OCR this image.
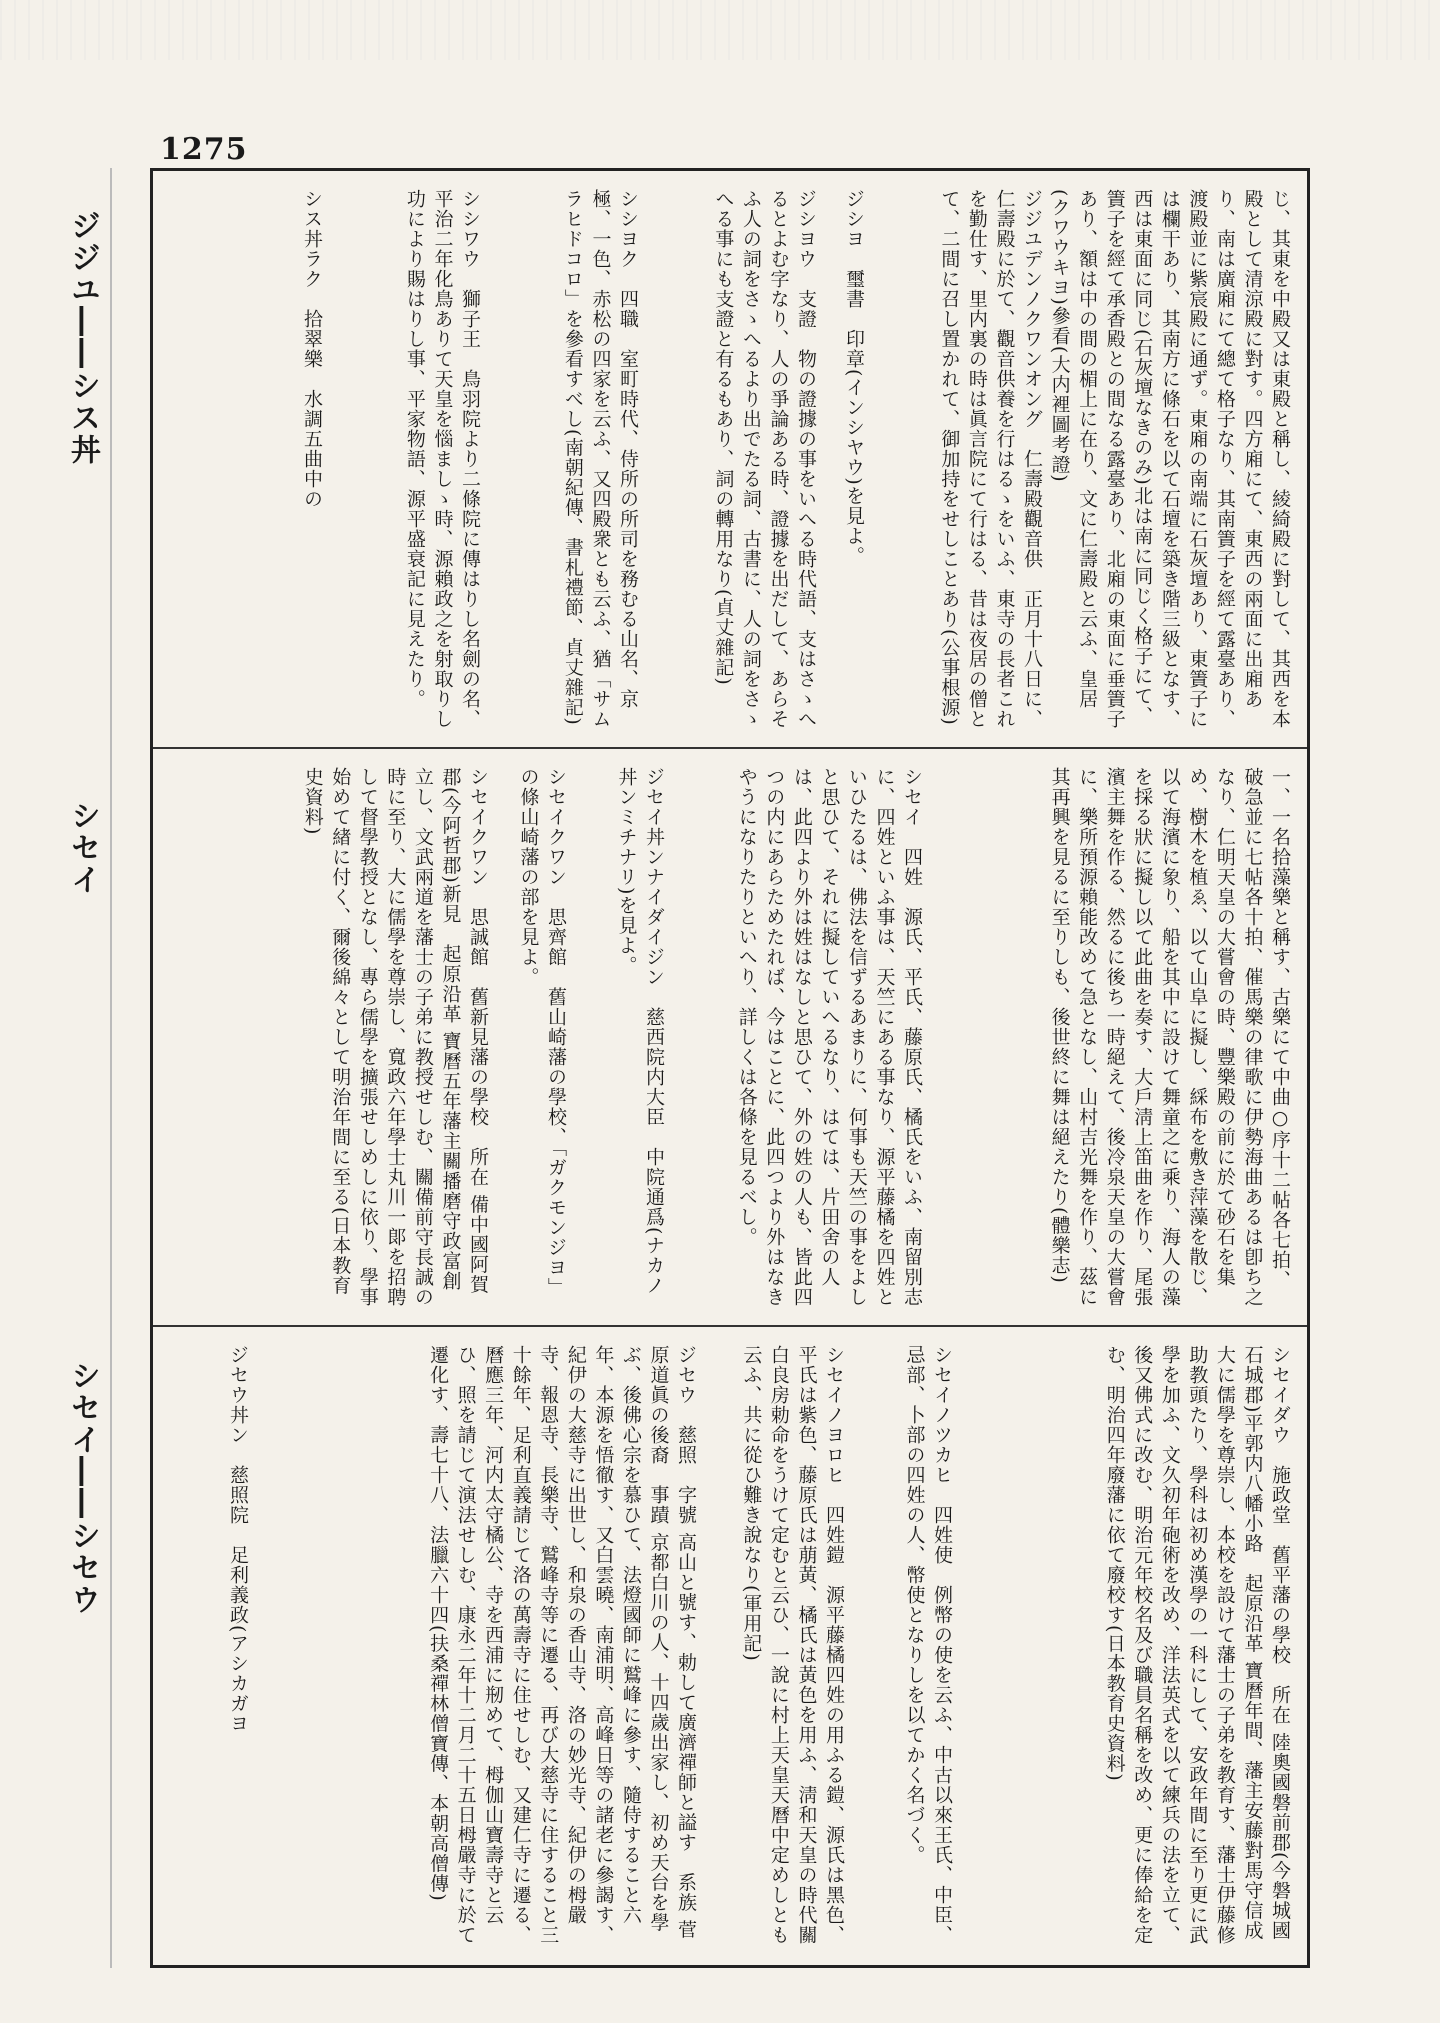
1275
ジジユ――シス丼
シセイ
シセイ――シセウ
じ、其東を中殿又は東殿と稱し、綾綺殿に對して、其西を本殿として清涼殿に對す。四方廂にて、東西の兩面に出廂あり、南は廣廂にて總て格子なり、其南簀子を經て露臺あり、渡殿並に紫宸殿に通ず。東廂の南端に石灰壇あり、東簀子には欄干あり、其南方に條石を以て石壇を築き階三級となす、西は東面に同じ(石灰壇なきのみ)北は南に同じく格子にて、簀子を經て承香殿との間なる露臺あり、北廂の東面に垂簀子あり、額は中の間の楣上に在り、文に仁壽殿と云ふ、皇居(クワウキヨ)參看(大内裡圖考證)
ジジユデンノクワンオング　仁壽殿觀音供　正月十八日に、仁壽殿に於て、觀音供養を行はるゝをいふ、東寺の長者これを勤仕す、里内裏の時は眞言院にて行はる、昔は夜居の僧とて、二間に召し置かれて、御加持をせしことあり(公事根源)
ジシヨ　璽書　印章(インシヤウ)を見よ。
ジシヨウ　支證　物の證據の事をいへる時代語、支はさゝへるとよむ字なり、人の爭論ある時、證據を出だして、あらそふ人の詞をさゝへるより出でたる詞、古書に、人の詞をさゝへる事にも支證と有るもあり、詞の轉用なり(貞丈雜記)
シシヨク　四職　室町時代、侍所の所司を務むる山名、京極、一色、赤松の四家を云ふ、又四殿衆とも云ふ、猶「サムラヒドコロ」を參看すべし(南朝紀傳、書札禮節、貞丈雜記)
シシワウ　獅子王　鳥羽院より二條院に傳はりし名劍の名、平治二年化鳥ありて天皇を惱ましゝ時、源賴政之を射取りし功により賜はりし事、平家物語、源平盛衰記に見えたり。
シス丼ラク　拾翠樂　水調五曲中の
一、一名拾藻樂と稱す、古樂にて中曲○序十二帖各七拍、破急並に七帖各十拍、催馬樂の律歌に伊勢海曲あるは卽ち之なり、仁明天皇の大嘗會の時、豐樂殿の前に於て砂石を集め、樹木を植ゑ、以て山阜に擬し、綵布を敷き萍藻を散じ、以て海濱に象り、船を其中に設けて舞童之に乘り、海人の藻を採る狀に擬し以て此曲を奏す、大戶淸上笛曲を作り、尾張濱主舞を作る、然るに後ち一時絕えて、後冷泉天皇の大嘗會に、樂所預源賴能改めて急となし、山村吉光舞を作り、茲に其再興を見るに至りしも、後世終に舞は絕えたり(體樂志)
シセイ　四姓　源氏、平氏、藤原氏、橘氏をいふ、南留別志に、四姓といふ事は、天竺にある事なり、源平藤橘を四姓といひたるは、佛法を信ずるあまりに、何事も天竺の事をよしと思ひて、それに擬していへるなり、はては、片田舍の人は、此四より外は姓はなしと思ひて、外の姓の人も、皆此四つの内にあらためたれば、今はことに、此四つより外はなきやうになりたりといへり、詳しくは各條を見るべし。
ジセイ丼ンナイダイジン　慈西院内大臣　中院通爲(ナカノ丼ンミチナリ)を見よ。
シセイクワン　思齊館　舊山崎藩の學校、「ガクモンジヨ」の條山崎藩の部を見よ。
シセイクワン　思誠館　舊新見藩の學校　所在 備中國阿賀郡(今阿哲郡)新見　起原沿革 寶曆五年藩主關播磨守政富創立し、文武兩道を藩士の子弟に教授せしむ、關備前守長誠の時に至り、大に儒學を尊崇し、寬政六年學士丸川一郞を招聘して督學教授となし、專ら儒學を擴張せしめしに依り、學事始めて緖に付く、爾後綿々として明治年間に至る(日本教育史資料)
シセイダウ　施政堂　舊平藩の學校　所在 陸奧國磐前郡(今磐城國石城郡)平郭内八幡小路　起原沿革 寶曆年間、藩主安藤對馬守信成大に儒學を尊崇し、本校を設けて藩士の子弟を教育す、藩士伊藤修助教頭たり、學科は初め漢學の一科にして、安政年間に至り更に武學を加ふ、文久初年砲術を改め、洋法英式を以て練兵の法を立て、後又佛式に改む、明治元年校名及び職員名稱を改め、更に俸給を定む、明治四年廢藩に依て廢校す(日本教育史資料)
シセイノツカヒ　四姓使　例幣の使を云ふ、中古以來王氏、中臣、忌部、卜部の四姓の人、幣使となりしを以てかく名づく。
シセイノヨロヒ　四姓鎧　源平藤橘四姓の用ふる鎧、源氏は黑色、平氏は紫色、藤原氏は萠黃、橘氏は黃色を用ふ、淸和天皇の時代關白良房勅命をうけて定むと云ひ、一說に村上天皇天曆中定めしとも云ふ、共に從ひ難き說なり(軍用記)
ジセウ　慈照　字號 高山と號す、勅して廣濟禪師と謚す　系族 菅原道眞の後裔　事蹟 京都白川の人、十四歲出家し、初め天台を學ぶ、後佛心宗を慕ひて、法燈國師に鷲峰に參す、隨侍すること六年、本源を悟徹す、又白雲曉、南浦明、高峰日等の諸老に參謁す、紀伊の大慈寺に出世し、和泉の香山寺、洛の妙光寺、紀伊の栂嚴寺、報恩寺、長樂寺、鷲峰寺等に遷る、再び大慈寺に住すること三十餘年、足利直義請じて洛の萬壽寺に住せしむ、又建仁寺に遷る、曆應三年、河内太守橘公、寺を西浦に剏めて、栂伽山寶壽寺と云ひ、照を請じて演法せしむ、康永二年十二月二十五日栂嚴寺に於て遷化す、壽七十八、法臘六十四(扶桑禪林僧寶傳、本朝高僧傳)
ジセウ丼ン　慈照院　足利義政(アシカガヨ
